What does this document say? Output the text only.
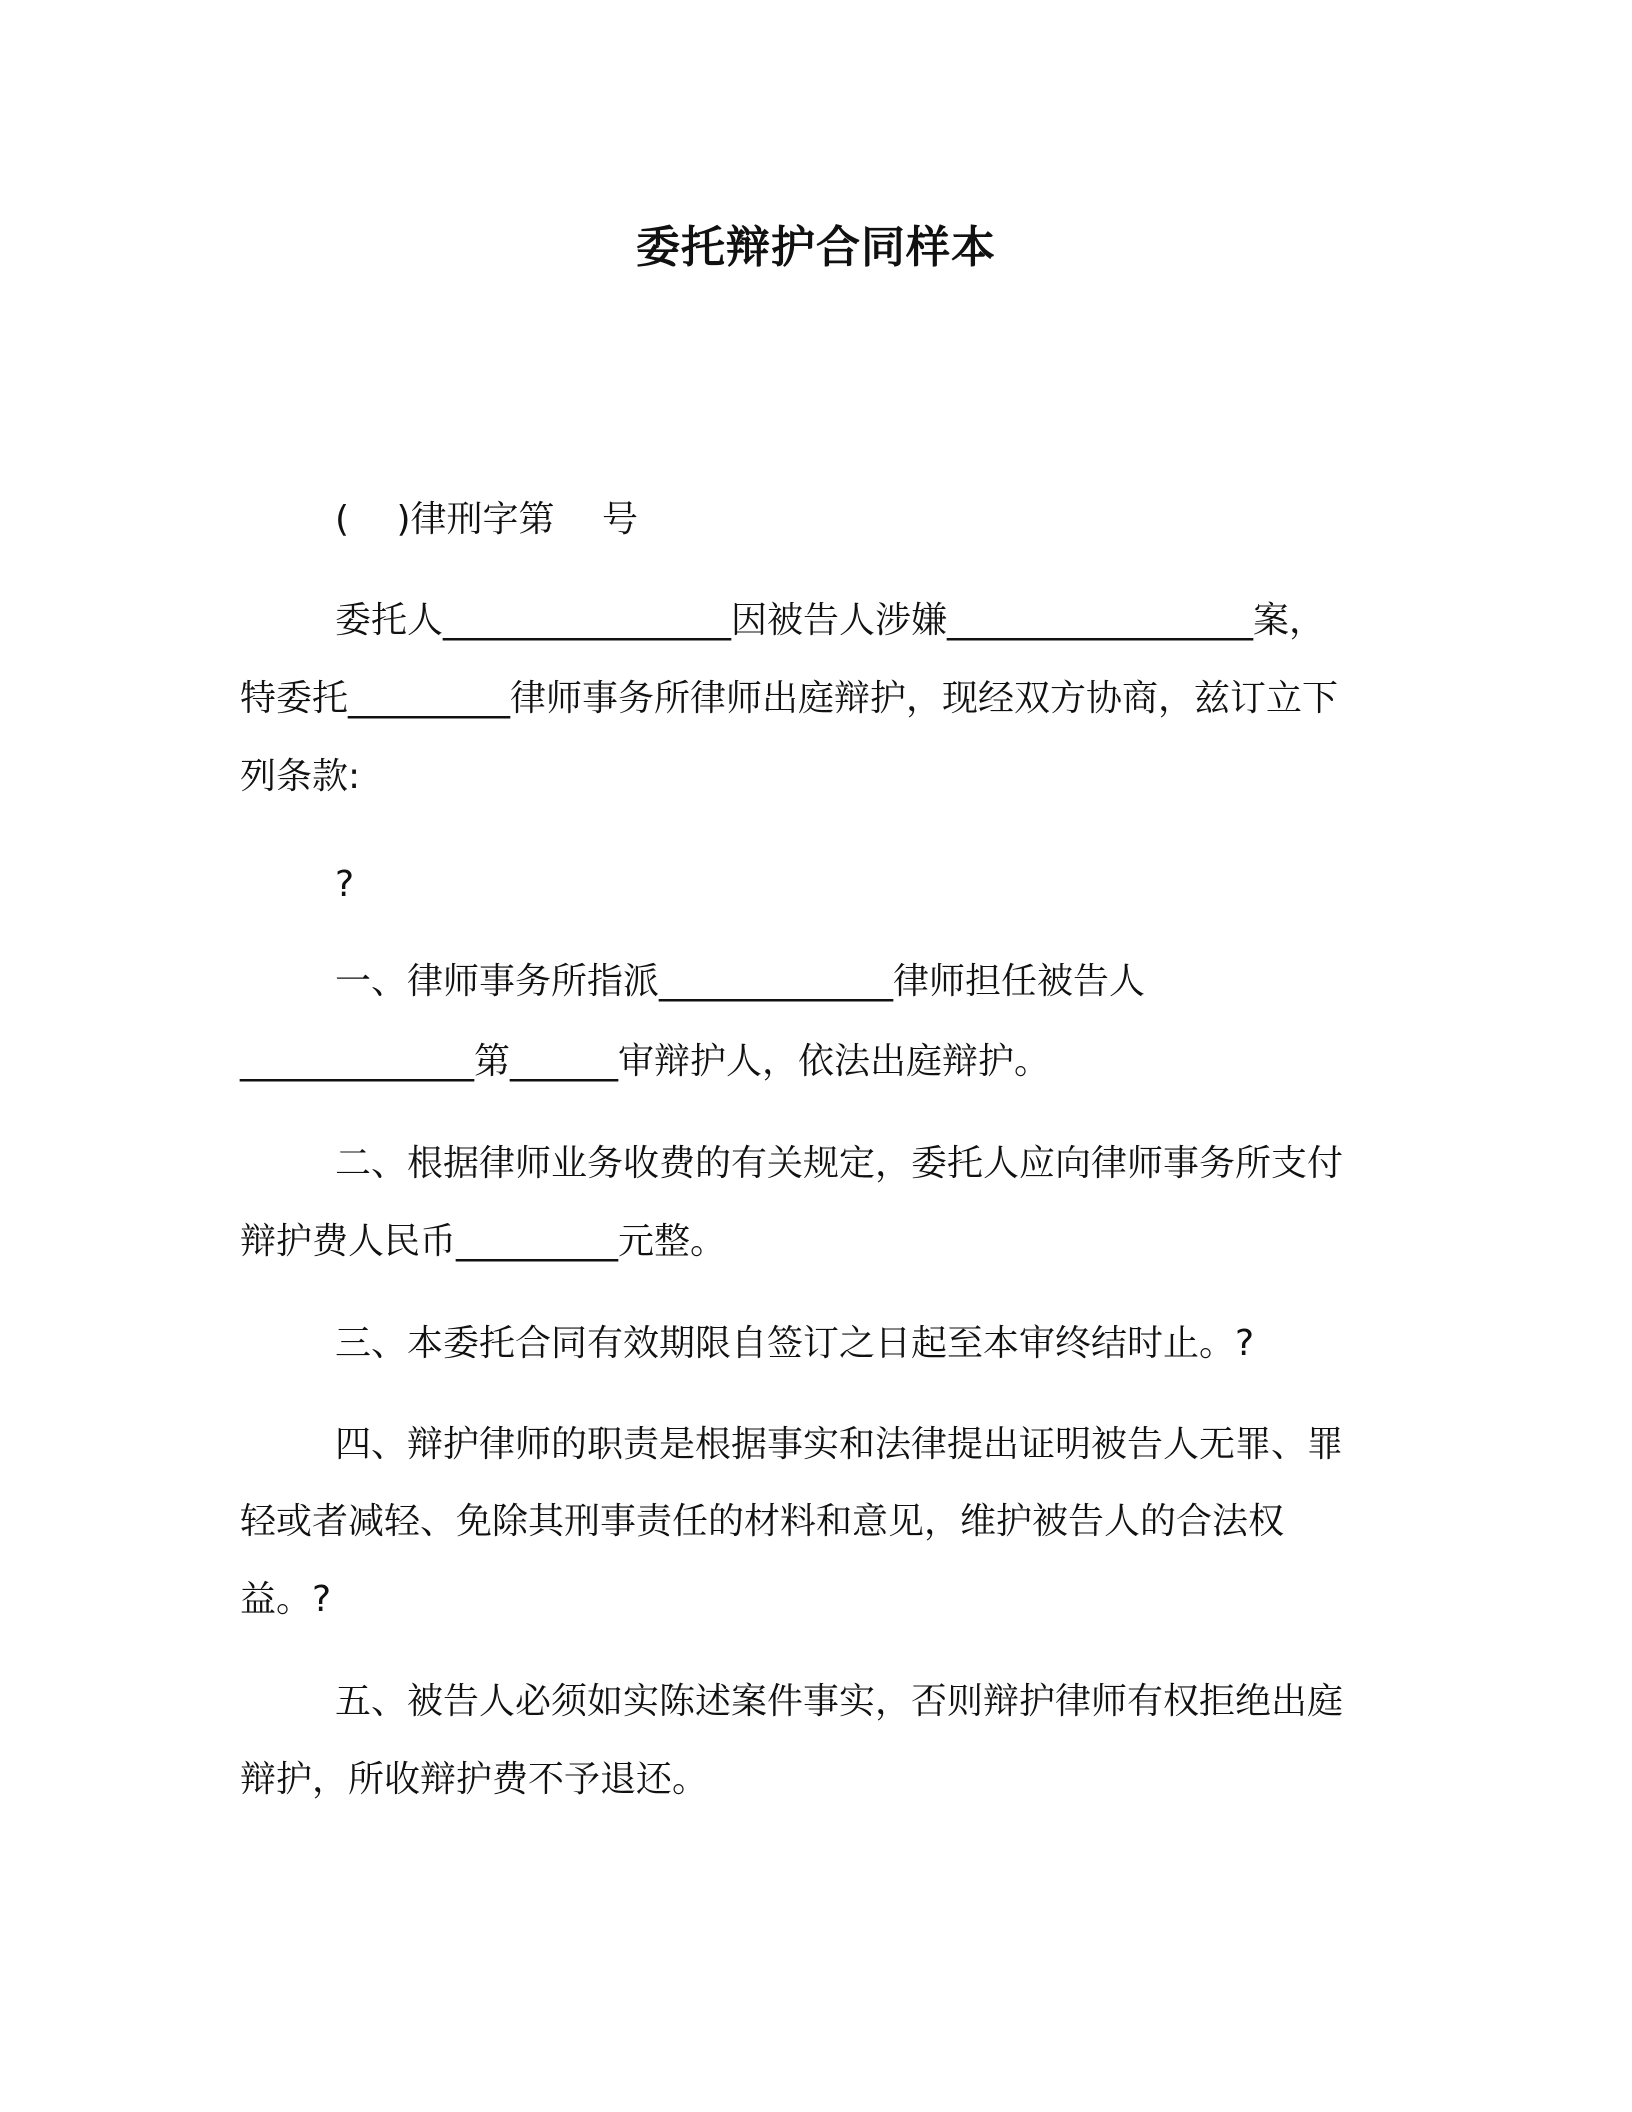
委托辩护合同样本
(　 )律刑字第　 号
委托人________________因被告人涉嫌_________________案，
特委托_________律师事务所律师出庭辩护，现经双方协商，兹订立下
列条款:
?
一、律师事务所指派_____________律师担任被告人
_____________第______审辩护人，依法出庭辩护。
二、根据律师业务收费的有关规定，委托人应向律师事务所支付
辩护费人民币_________元整。
三、本委托合同有效期限自签订之日起至本审终结时止。?
四、辩护律师的职责是根据事实和法律提出证明被告人无罪、罪
轻或者减轻、免除其刑事责任的材料和意见，维护被告人的合法权
益。?
五、被告人必须如实陈述案件事实，否则辩护律师有权拒绝出庭
辩护，所收辩护费不予退还。
